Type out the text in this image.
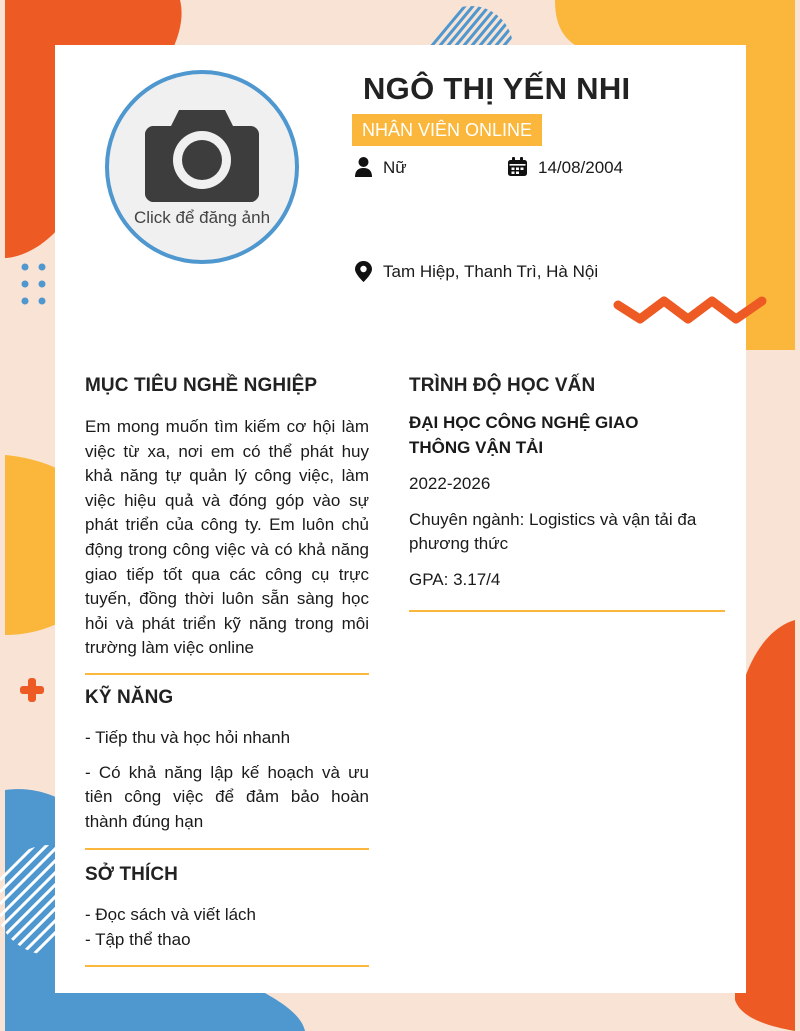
Click để đăng ảnh
NGÔ THỊ YẾN NHI
NHÂN VIÊN ONLINE
Nữ	14/08/2004
Tam Hiệp, Thanh Trì, Hà Nội
MỤC TIÊU NGHỀ NGHIỆP

Em mong muốn tìm kiếm cơ hội làm việc từ xa, nơi em có thể phát huy khả năng tự quản lý công việc, làm việc hiệu quả và đóng góp vào sự phát triển của công ty. Em luôn chủ động trong công việc và có khả năng giao tiếp tốt qua các công cụ trực tuyến, đồng thời luôn sẵn sàng học hỏi và phát triển kỹ năng trong môi trường làm việc online

KỸ NĂNG

- Tiếp thu và học hỏi nhanh

- Có khả năng lập kế hoạch và ưu tiên công việc để đảm bảo hoàn thành đúng hạn

SỞ THÍCH

- Đọc sách và viết lách

- Tập thể thao

TRÌNH ĐỘ HỌC VẤN

ĐẠI HỌC CÔNG NGHỆ GIAO THÔNG VẬN TẢI

2022-2026

Chuyên ngành: Logistics và vận tải đa phương thức

GPA: 3.17/4
